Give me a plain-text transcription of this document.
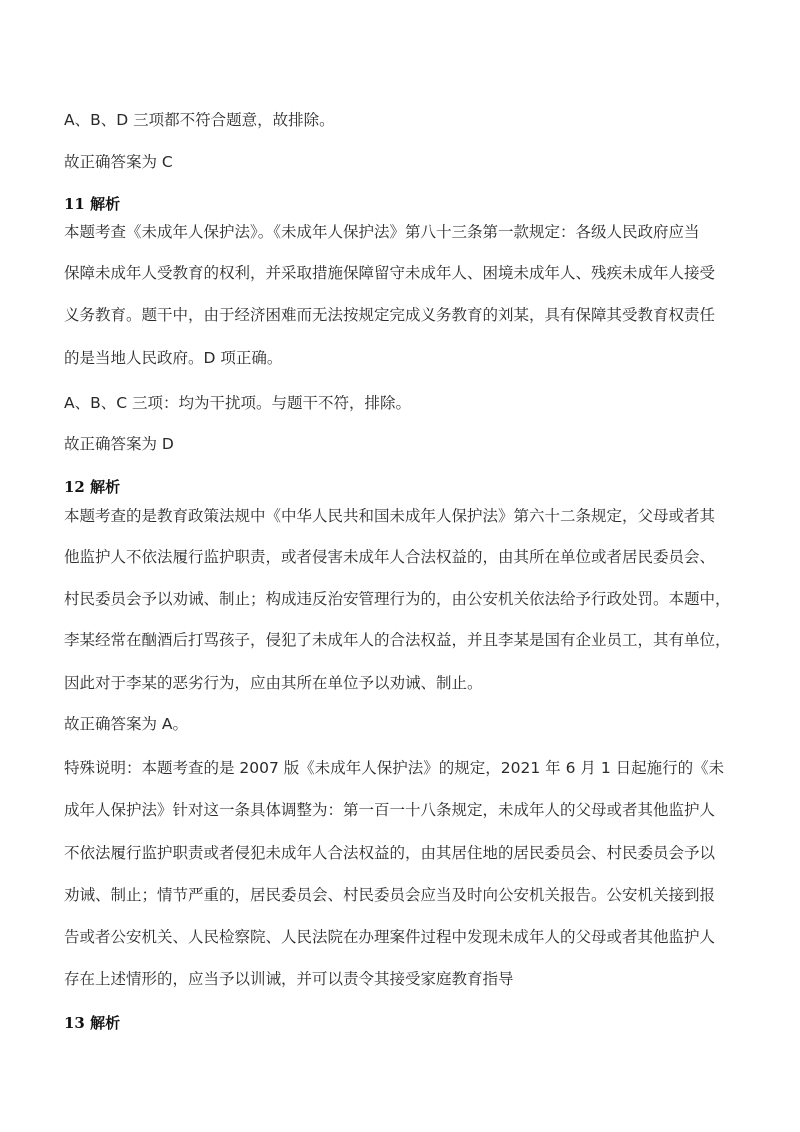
A、B、D 三项都不符合题意，故排除。
故正确答案为 C
11 解析
本题考查《未成年人保护法》。《未成年人保护法》第八十三条第一款规定：各级人民政府应当
保障未成年人受教育的权利，并采取措施保障留守未成年人、困境未成年人、残疾未成年人接受
义务教育。题干中，由于经济困难而无法按规定完成义务教育的刘某，具有保障其受教育权责任
的是当地人民政府。D 项正确。
A、B、C 三项：均为干扰项。与题干不符，排除。
故正确答案为 D
12 解析
本题考查的是教育政策法规中《中华人民共和国未成年人保护法》第六十二条规定，父母或者其
他监护人不依法履行监护职责，或者侵害未成年人合法权益的，由其所在单位或者居民委员会、
村民委员会予以劝诫、制止；构成违反治安管理行为的，由公安机关依法给予行政处罚。本题中，
李某经常在酗酒后打骂孩子，侵犯了未成年人的合法权益，并且李某是国有企业员工，其有单位，
因此对于李某的恶劣行为，应由其所在单位予以劝诫、制止。
故正确答案为 A。
特殊说明：本题考查的是 2007 版《未成年人保护法》的规定，2021 年 6 月 1 日起施行的《未
成年人保护法》针对这一条具体调整为：第一百一十八条规定，未成年人的父母或者其他监护人
不依法履行监护职责或者侵犯未成年人合法权益的，由其居住地的居民委员会、村民委员会予以
劝诫、制止；情节严重的，居民委员会、村民委员会应当及时向公安机关报告。公安机关接到报
告或者公安机关、人民检察院、人民法院在办理案件过程中发现未成年人的父母或者其他监护人
存在上述情形的，应当予以训诫，并可以责令其接受家庭教育指导
13 解析
